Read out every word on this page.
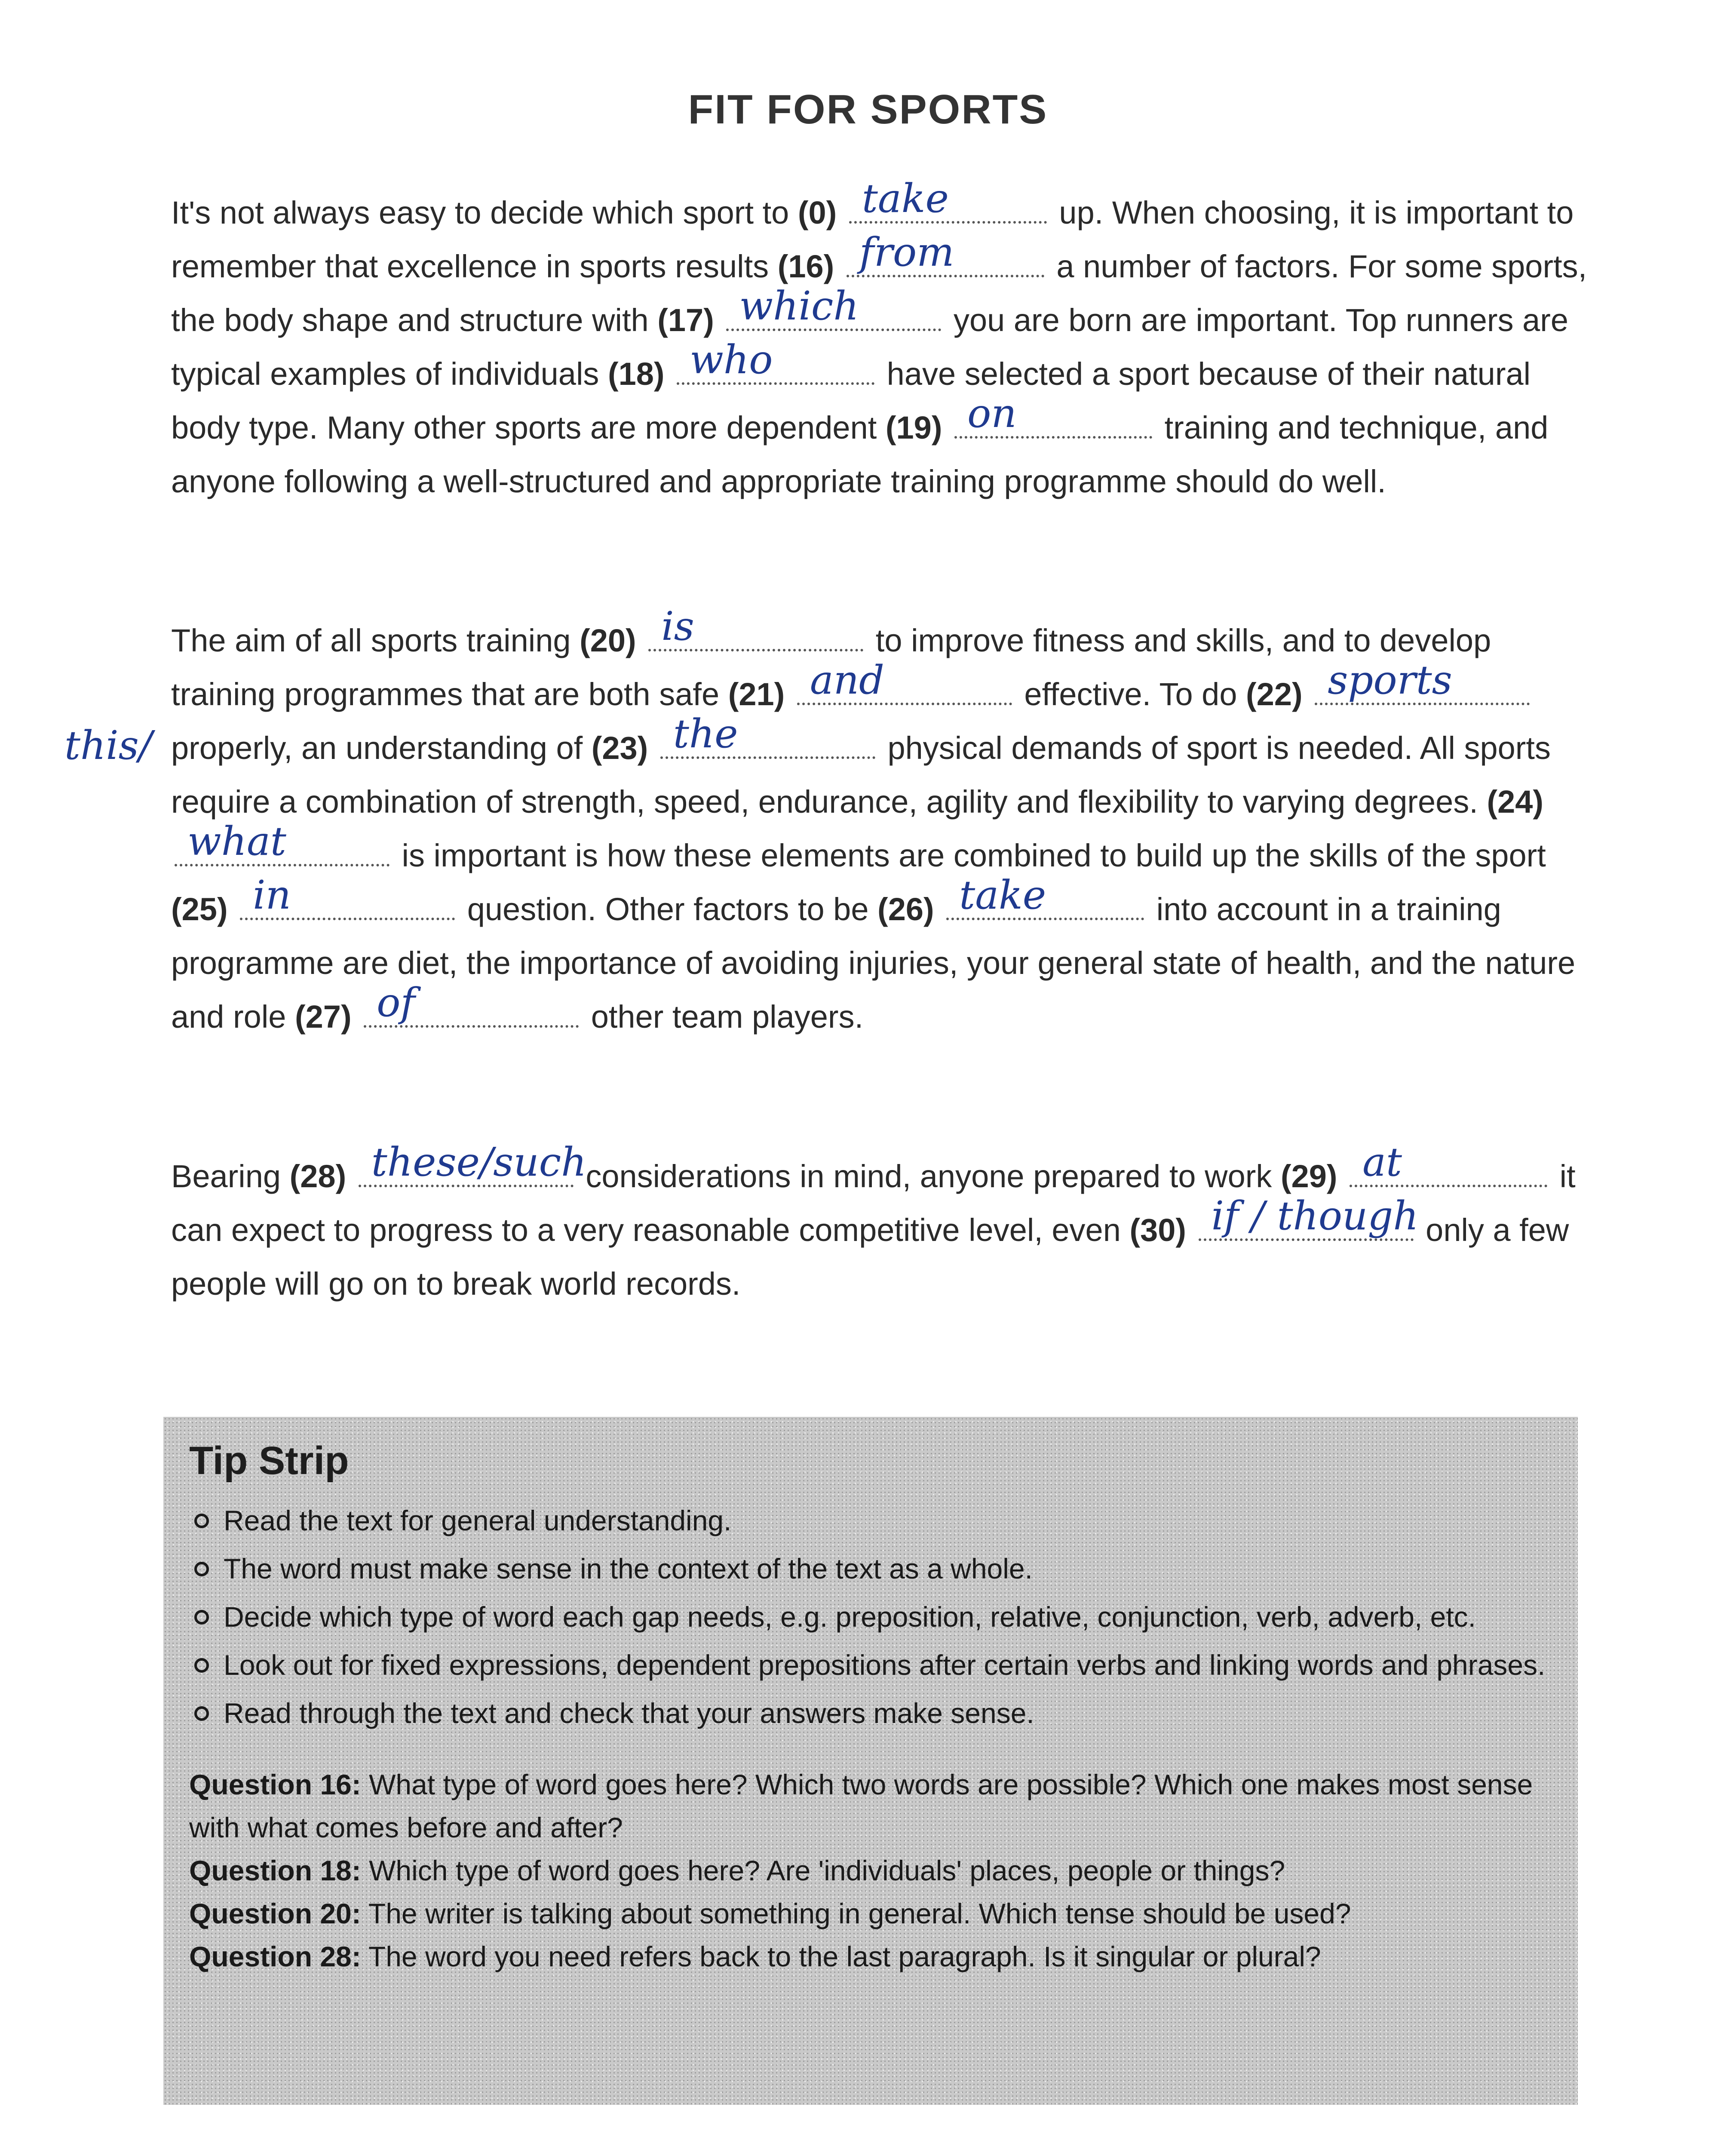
FIT FOR SPORTS

It's not always easy to decide which sport to (0) take	up. When choosing, it is important to remember that excellence in sports results (16) from	a number of factors. For some sports, the body shape and structure with (17) which	you are born are important. Top runners are typical examples of individuals (18) who	have selected a sport because of their natural body type. Many other sports are more dependent (19) on	training and technique, and anyone following a well-structured and appropriate training programme should do well.

this/

The aim of all sports training (20) is	to improve fitness and skills, and to develop training programmes that are both safe (21) and	effective. To do (22) sports
properly, an understanding of (23) the	physical demands of sport is needed. All sports require a combination of strength, speed, endurance, agility and flexibility to varying degrees. (24)
what	is important is how these elements are combined to build up the skills of the sport (25) in	question. Other factors to be (26) take	into account in a training programme are diet, the importance of avoiding injuries, your general state of health, and the nature and role (27) of	other team players.

Bearing (28) these/such
considerations in mind, anyone prepared to work (29) at	it can expect to progress to a very reasonable competitive level, even (30) if / though
only a few people will go on to break world records.

Tip Strip
Read the text for general understanding.
The word must make sense in the context of the text as a whole.
Decide which type of word each gap needs, e.g. preposition, relative, conjunction, verb, adverb, etc.
Look out for fixed expressions, dependent prepositions after certain verbs and linking words and phrases.
Read through the text and check that your answers make sense.
Question 16: What type of word goes here? Which two words are possible? Which one makes most sense with what comes before and after?
Question 18: Which type of word goes here? Are 'individuals' places, people or things?
Question 20: The writer is talking about something in general. Which tense should be used?
Question 28: The word you need refers back to the last paragraph. Is it singular or plural?
